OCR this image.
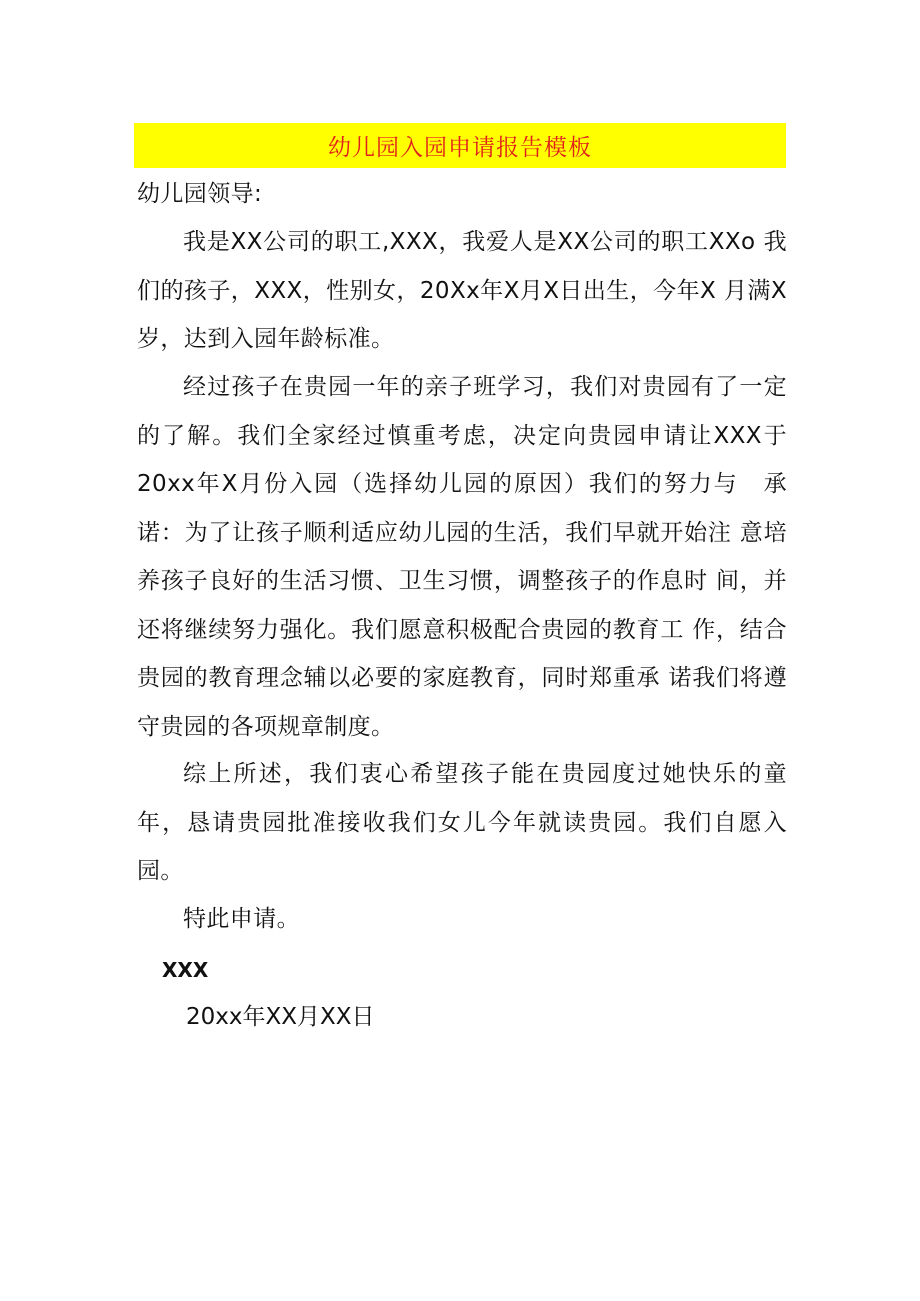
幼儿园入园申请报告模板
幼儿园领导:

我是XX公司的职工,XXX，我爱人是XX公司的职工XXo 我们的孩子，XXX，性别女，20Xx年X月X日出生，今年X 月满X岁，达到入园年龄标准。

经过孩子在贵园一年的亲子班学习，我们对贵园有了一定的了解。我们全家经过慎重考虑，决定向贵园申请让XXX于20xx年X月份入园（选择幼儿园的原因）我们的努力与　承诺：为了让孩子顺利适应幼儿园的生活，我们早就开始注 意培养孩子良好的生活习惯、卫生习惯，调整孩子的作息时 间，并还将继续努力强化。我们愿意积极配合贵园的教育工 作，结合贵园的教育理念辅以必要的家庭教育，同时郑重承 诺我们将遵守贵园的各项规章制度。

综上所述，我们衷心希望孩子能在贵园度过她快乐的童年，恳请贵园批准接收我们女儿今年就读贵园。我们自愿入园。

特此申请。

XXX
20xx年XX月XX日
